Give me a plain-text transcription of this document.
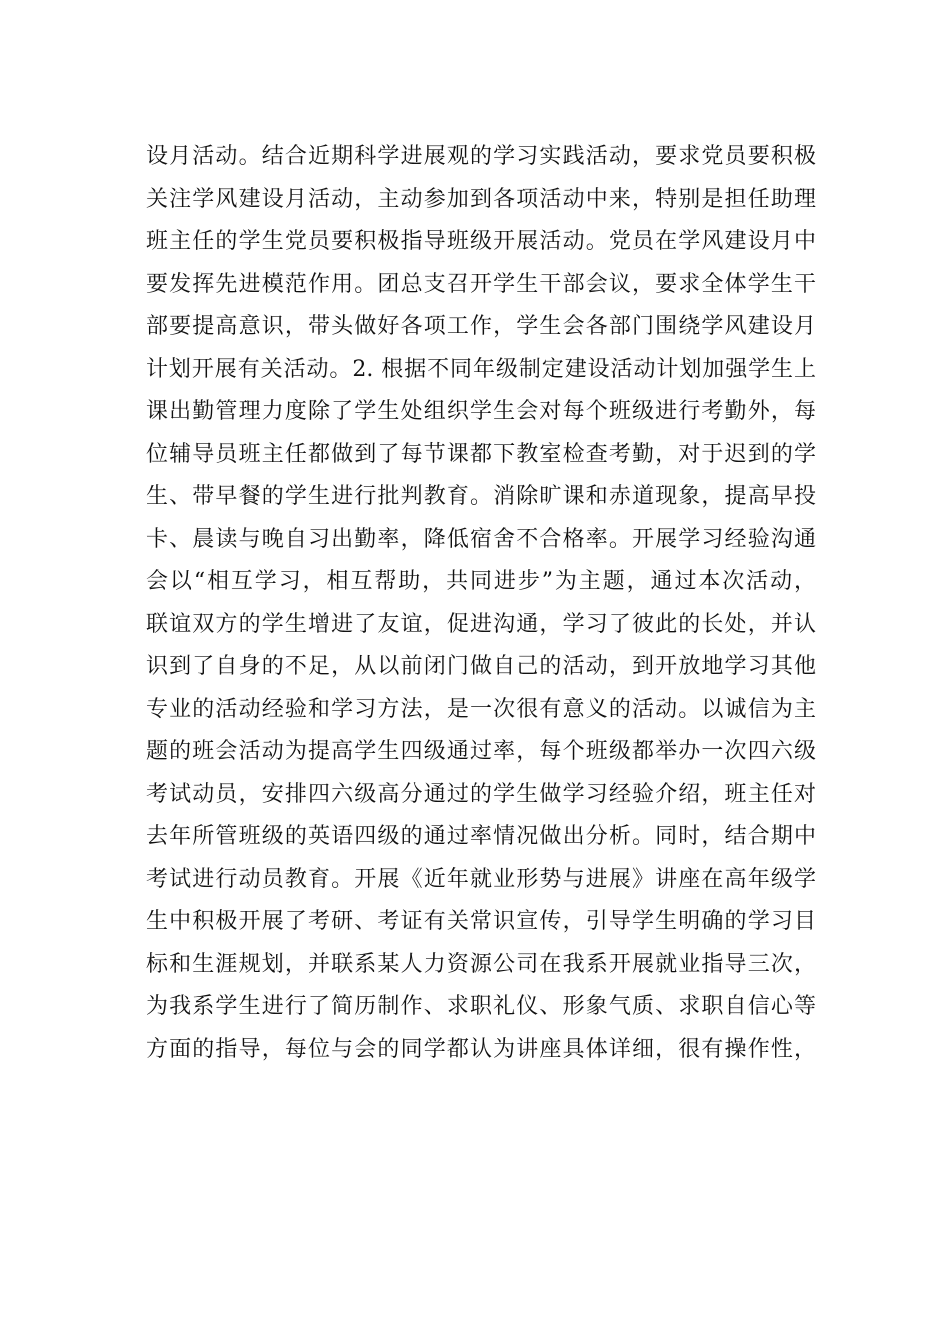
设月活动。结合近期科学进展观的学习实践活动，要求党员要积极
关注学风建设月活动，主动参加到各项活动中来，特别是担任助理
班主任的学生党员要积极指导班级开展活动。党员在学风建设月中
要发挥先进模范作用。团总支召开学生干部会议，要求全体学生干
部要提高意识，带头做好各项工作，学生会各部门围绕学风建设月
计划开展有关活动。2. 根据不同年级制定建设活动计划加强学生上
课出勤管理力度除了学生处组织学生会对每个班级进行考勤外，每
位辅导员班主任都做到了每节课都下教室检查考勤，对于迟到的学
生、带早餐的学生进行批判教育。消除旷课和赤道现象，提高早投
卡、晨读与晚自习出勤率，降低宿舍不合格率。开展学习经验沟通
会以“相互学习，相互帮助，共同进步”为主题，通过本次活动，
联谊双方的学生增进了友谊，促进沟通，学习了彼此的长处，并认
识到了自身的不足，从以前闭门做自己的活动，到开放地学习其他
专业的活动经验和学习方法，是一次很有意义的活动。以诚信为主
题的班会活动为提高学生四级通过率，每个班级都举办一次四六级
考试动员，安排四六级高分通过的学生做学习经验介绍，班主任对
去年所管班级的英语四级的通过率情况做出分析。同时，结合期中
考试进行动员教育。开展《近年就业形势与进展》讲座在高年级学
生中积极开展了考研、考证有关常识宣传，引导学生明确的学习目
标和生涯规划，并联系某人力资源公司在我系开展就业指导三次，
为我系学生进行了简历制作、求职礼仪、形象气质、求职自信心等
方面的指导，每位与会的同学都认为讲座具体详细，很有操作性，
